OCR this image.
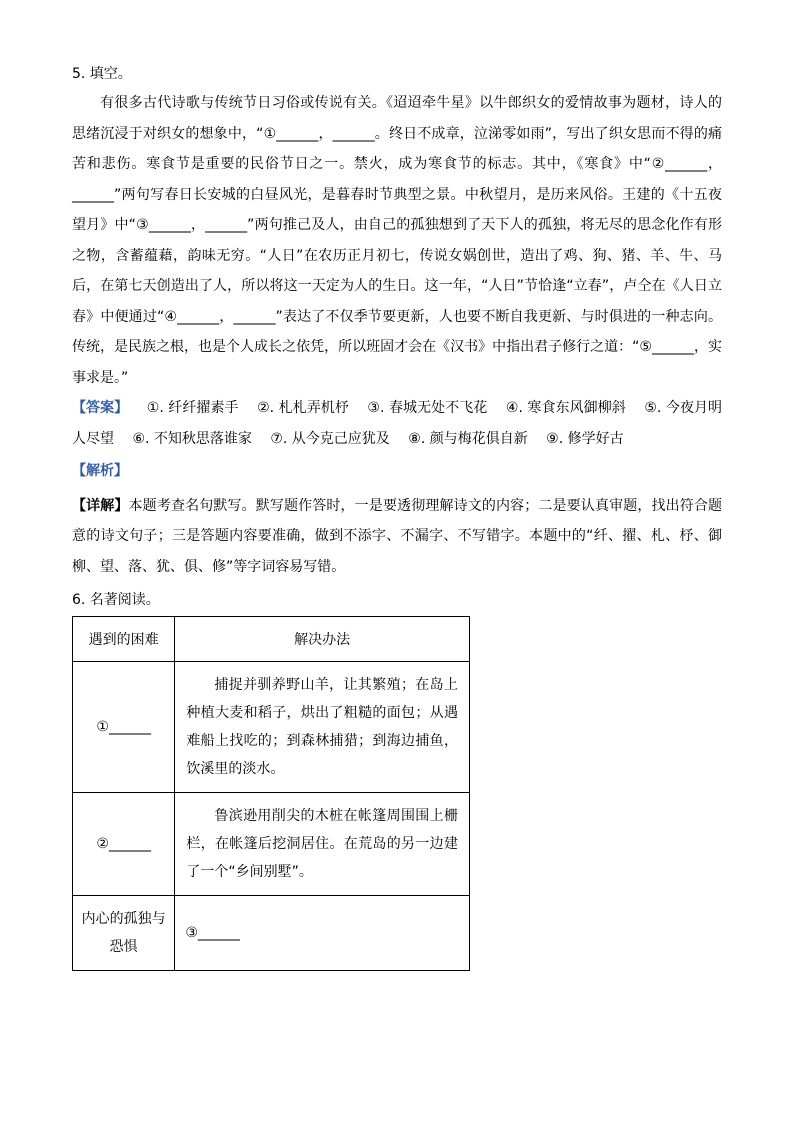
5. 填空。

有很多古代诗歌与传统节日习俗或传说有关。《迢迢牵牛星》以牛郎织女的爱情故事为题材，诗人的思绪沉浸于对织女的想象中，“①______，______。终日不成章，泣涕零如雨”，写出了织女思而不得的痛苦和悲伤。寒食节是重要的民俗节日之一。禁火，成为寒食节的标志。其中，《寒食》中“②______，______”两句写春日长安城的白昼风光，是暮春时节典型之景。中秋望月，是历来风俗。王建的《十五夜望月》中“③______，______”两句推己及人，由自己的孤独想到了天下人的孤独，将无尽的思念化作有形之物，含蓄蕴藉，韵味无穷。“人日”在农历正月初七，传说女娲创世，造出了鸡、狗、猪、羊、牛、马后，在第七天创造出了人，所以将这一天定为人的生日。这一年，“人日”节恰逢“立春”，卢仝在《人日立春》中便通过“④______，______”表达了不仅季节要更新，人也要不断自我更新、与时俱进的一种志向。传统，是民族之根，也是个人成长之依凭，所以班固才会在《汉书》中指出君子修行之道：“⑤______，实事求是。”

【答案】 ①. 纤纤擢素手 ②. 札札弄机杼 ③. 春城无处不飞花 ④. 寒食东风御柳斜 ⑤. 今夜月明人尽望 ⑥. 不知秋思落谁家 ⑦. 从今克己应犹及 ⑧. 颜与梅花俱自新 ⑨. 修学好古
【解析】
【详解】本题考查名句默写。默写题作答时，一是要透彻理解诗文的内容；二是要认真审题，找出符合题意的诗文句子；三是答题内容要准确，做到不添字、不漏字、不写错字。本题中的“纤、擢、札、杼、御柳、望、落、犹、俱、修”等字词容易写错。
6. 名著阅读。
遇到的困难	解决办法
①______	捕捉并驯养野山羊，让其繁殖；在岛上种植大麦和稻子，烘出了粗糙的面包；从遇难船上找吃的；到森林捕猎；到海边捕鱼，饮溪里的淡水。

②______	鲁滨逊用削尖的木桩在帐篷周围围上栅栏，在帐篷后挖洞居住。在荒岛的另一边建了一个“乡间别墅”。

内心的孤独与恐惧	③______
